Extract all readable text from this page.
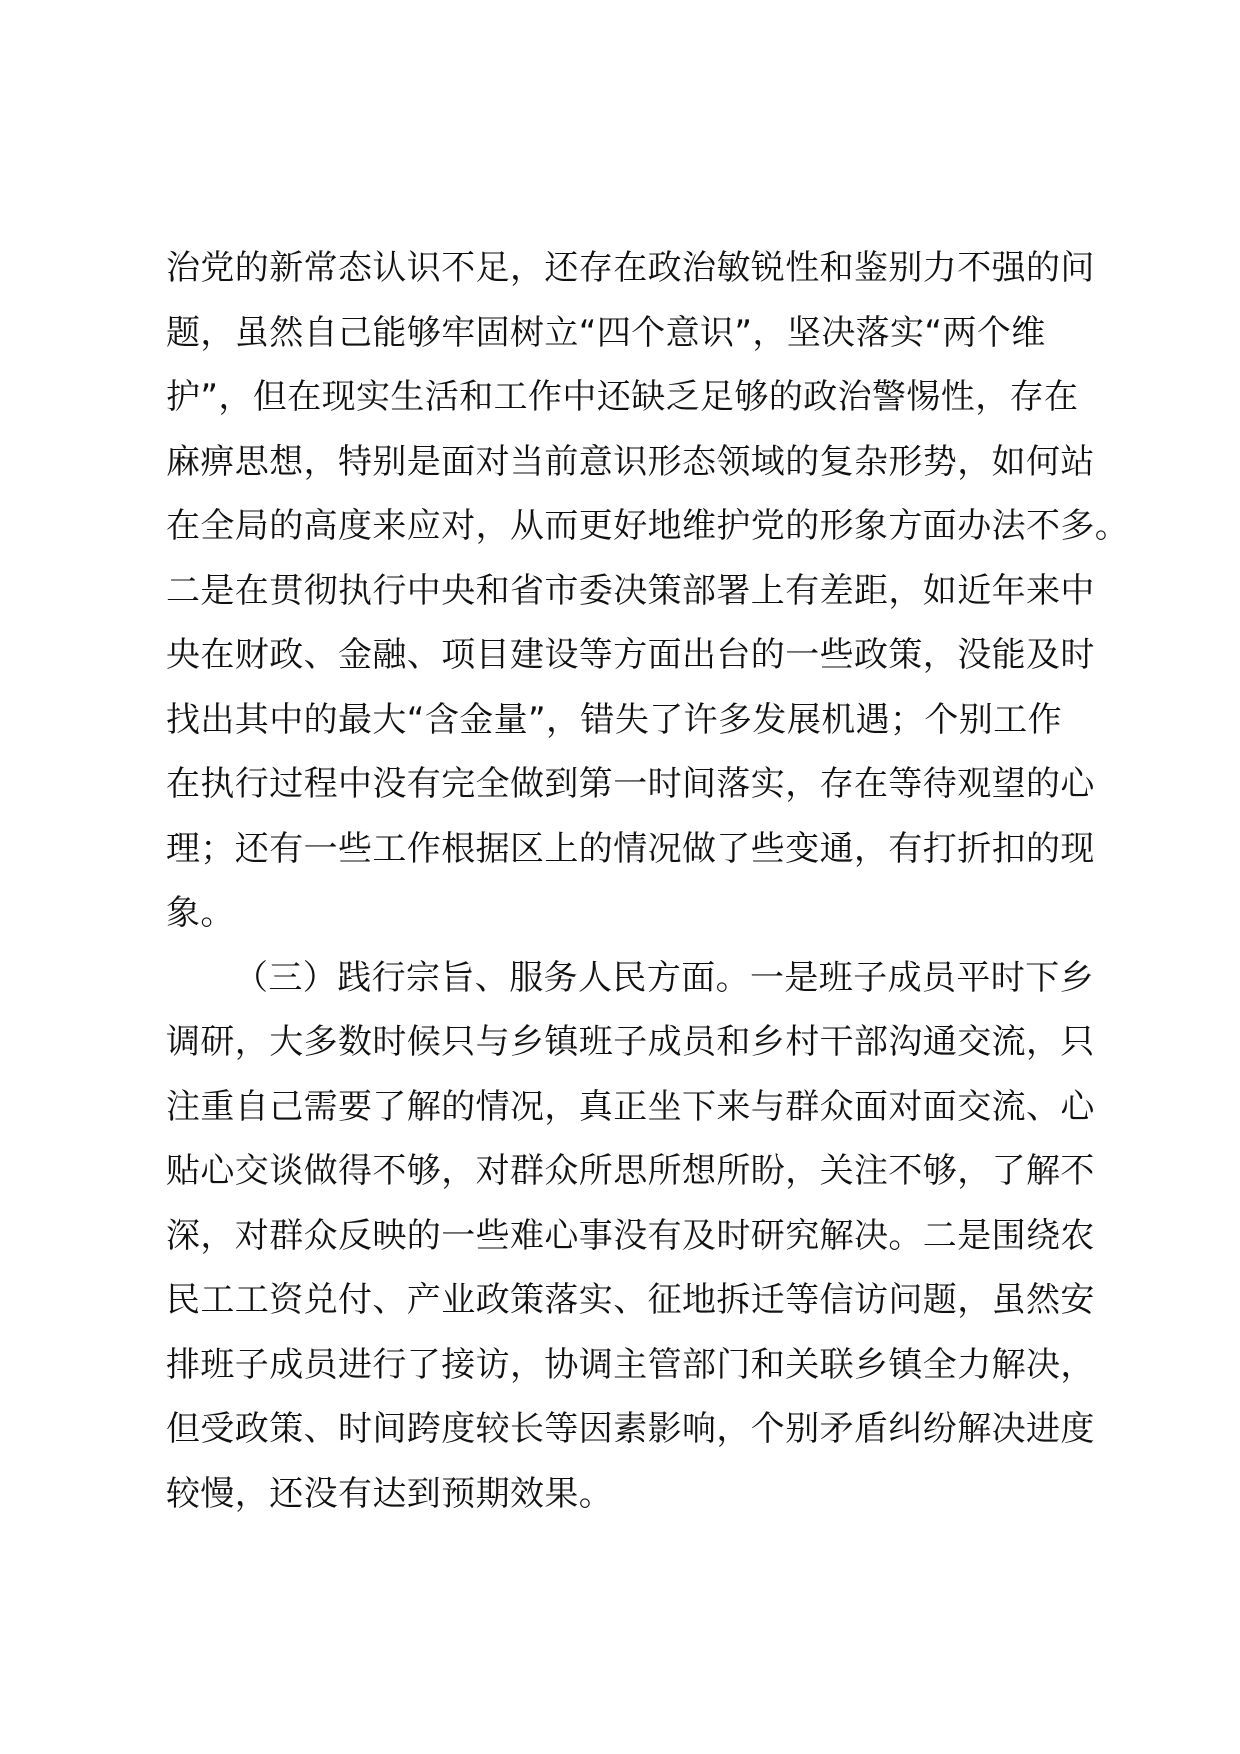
治党的新常态认识不足，还存在政治敏锐性和鉴别力不强的问
题，虽然自己能够牢固树立“四个意识”，坚决落实“两个维
护”，但在现实生活和工作中还缺乏足够的政治警惕性，存在
麻痹思想，特别是面对当前意识形态领域的复杂形势，如何站
在全局的高度来应对，从而更好地维护党的形象方面办法不多。
二是在贯彻执行中央和省市委决策部署上有差距，如近年来中
央在财政、金融、项目建设等方面出台的一些政策，没能及时
找出其中的最大“含金量”，错失了许多发展机遇；个别工作
在执行过程中没有完全做到第一时间落实，存在等待观望的心
理；还有一些工作根据区上的情况做了些变通，有打折扣的现
象。
（三）践行宗旨、服务人民方面。一是班子成员平时下乡
调研，大多数时候只与乡镇班子成员和乡村干部沟通交流，只
注重自己需要了解的情况，真正坐下来与群众面对面交流、心
贴心交谈做得不够，对群众所思所想所盼，关注不够，了解不
深，对群众反映的一些难心事没有及时研究解决。二是围绕农
民工工资兑付、产业政策落实、征地拆迁等信访问题，虽然安
排班子成员进行了接访，协调主管部门和关联乡镇全力解决，
但受政策、时间跨度较长等因素影响，个别矛盾纠纷解决进度
较慢，还没有达到预期效果。
